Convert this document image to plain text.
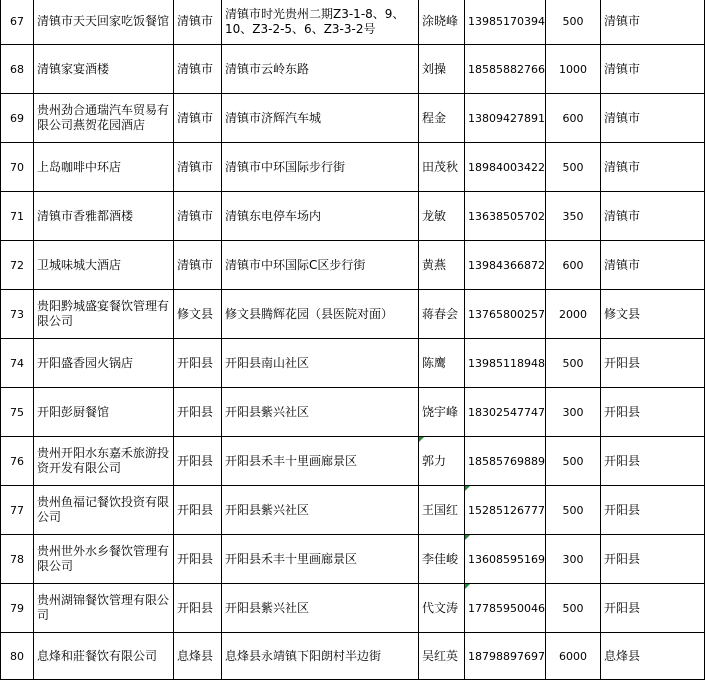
67	清镇市天天回家吃饭餐馆	清镇市	清镇市时光贵州二期Z3-1-8、9、10、Z3-2-5、6、Z3-3-2号	涂晓峰	13985170394	500	清镇市
68	清镇家宴酒楼	清镇市	清镇市云岭东路	刘操	18585882766	1000	清镇市
69	贵州劲合通瑞汽车贸易有限公司燕贺花园酒店	清镇市	清镇市济辉汽车城	程金	13809427891	600	清镇市
70	上岛咖啡中环店	清镇市	清镇市中环国际步行街	田茂秋	18984003422	500	清镇市
71	清镇市香雅都酒楼	清镇市	清镇东电停车场内	龙敏	13638505702	350	清镇市
72	卫城味城大酒店	清镇市	清镇市中环国际C区步行街	黄燕	13984366872	600	清镇市
73	贵阳黔城盛宴餐饮管理有限公司	修文县	修文县腾辉花园（县医院对面）	蒋春会	13765800257	2000	修文县
74	开阳盛香园火锅店	开阳县	开阳县南山社区	陈鹰	13985118948	500	开阳县
75	开阳彭厨餐馆	开阳县	开阳县紫兴社区	饶宇峰	18302547747	300	开阳县
76	贵州开阳水东嘉禾旅游投资开发有限公司	开阳县	开阳县禾丰十里画廊景区	郭力	18585769889	500	开阳县
77	贵州鱼福记餐饮投资有限公司	开阳县	开阳县紫兴社区	王国红	15285126777	500	开阳县
78	贵州世外水乡餐饮管理有限公司	开阳县	开阳县禾丰十里画廊景区	李佳峻	13608595169	300	开阳县
79	贵州湖锦餐饮管理有限公司	开阳县	开阳县紫兴社区	代文涛	17785950046	500	开阳县
80	息烽和莊餐饮有限公司	息烽县	息烽县永靖镇下阳朗村半边街	吴红英	18798897697	6000	息烽县
